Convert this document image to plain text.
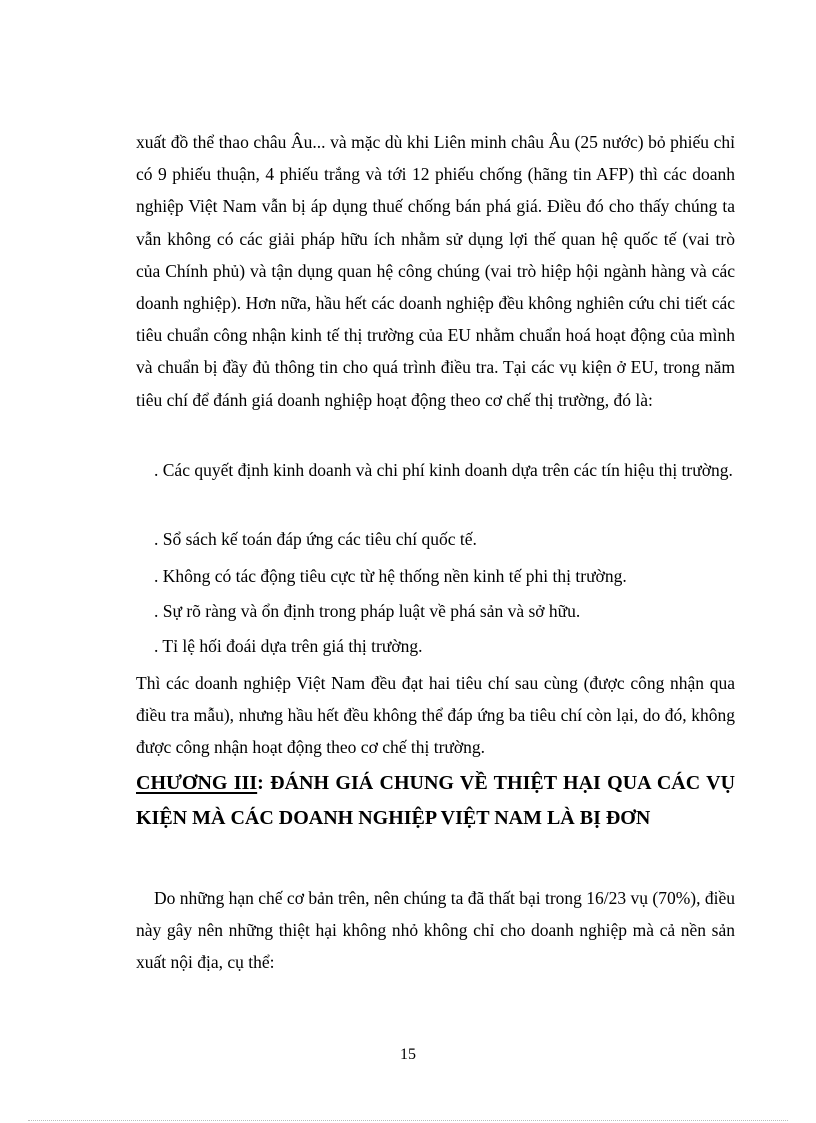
xuất đồ thể thao châu Âu... và mặc dù khi Liên minh châu Âu (25 nước) bỏ phiếu chỉ có 9 phiếu thuận, 4 phiếu trắng và tới 12 phiếu chống (hãng tin AFP) thì các doanh nghiệp Việt Nam vẫn bị áp dụng thuế chống bán phá giá. Điều đó cho thấy chúng ta vẫn không có các giải pháp hữu ích nhằm sử dụng lợi thế quan hệ quốc tế (vai trò của Chính phủ) và tận dụng quan hệ công chúng (vai trò hiệp hội ngành hàng và các doanh nghiệp). Hơn nữa, hầu hết các doanh nghiệp đều không nghiên cứu chi tiết các tiêu chuẩn công nhận kinh tế thị trường của EU nhằm chuẩn hoá hoạt động của mình và chuẩn bị đầy đủ thông tin cho quá trình điều tra. Tại các vụ kiện ở EU, trong năm tiêu chí để đánh giá doanh nghiệp hoạt động theo cơ chế thị trường, đó là:

. Các quyết định kinh doanh và chi phí kinh doanh dựa trên các tín hiệu thị trường.

. Sổ sách kế toán đáp ứng các tiêu chí quốc tế.

. Không có tác động tiêu cực từ hệ thống nền kinh tế phi thị trường.

. Sự rõ ràng và ổn định trong pháp luật về phá sản và sở hữu.

. Tỉ lệ hối đoái dựa trên giá thị trường.

Thì các doanh nghiệp Việt Nam đều đạt hai tiêu chí sau cùng (được công nhận qua điều tra mẫu), nhưng hầu hết đều không thể đáp ứng ba tiêu chí còn lại, do đó, không được công nhận hoạt động theo cơ chế thị trường.

CHƯƠNG III: ĐÁNH GIÁ CHUNG VỀ THIỆT HẠI QUA CÁC VỤ KIỆN MÀ CÁC DOANH NGHIỆP VIỆT NAM LÀ BỊ ĐƠN

Do những hạn chế cơ bản trên, nên chúng ta đã thất bại trong 16/23 vụ (70%), điều này gây nên những thiệt hại không nhỏ không chỉ cho doanh nghiệp mà cả nền sản xuất nội địa, cụ thể:

15
